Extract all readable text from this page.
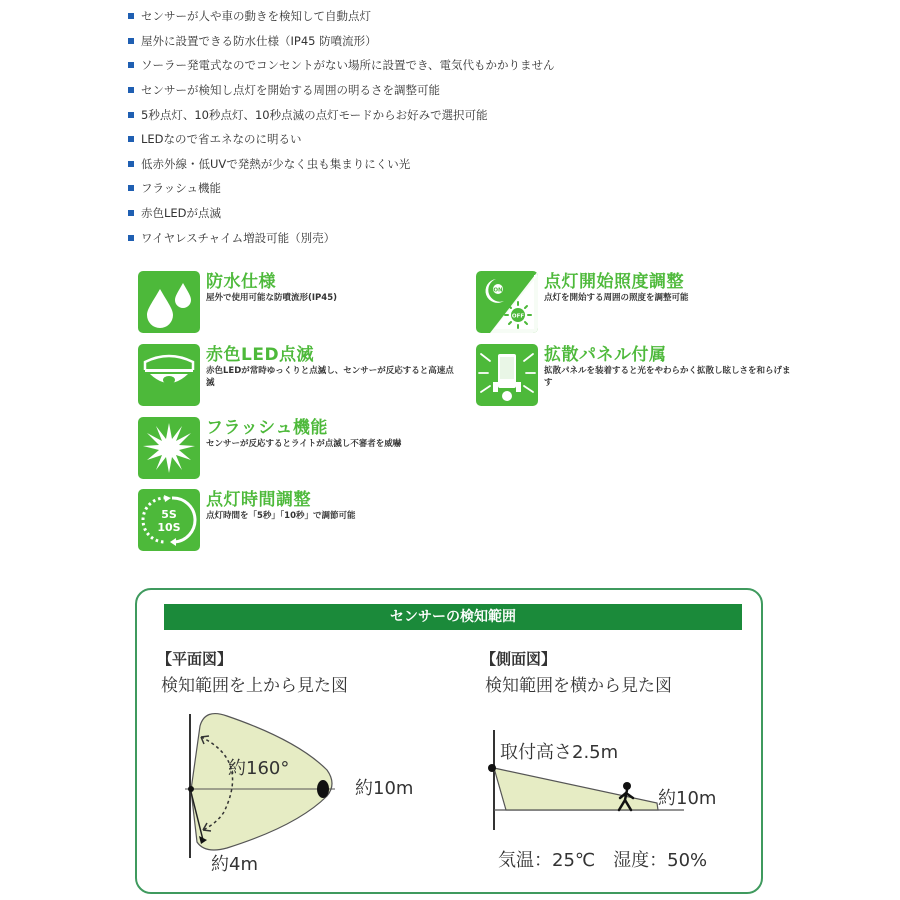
センサーが人や車の動きを検知して自動点灯
屋外に設置できる防水仕様（IP45 防噴流形）
ソーラー発電式なのでコンセントがない場所に設置でき、電気代もかかりません
センサーが検知し点灯を開始する周囲の明るさを調整可能
5秒点灯、10秒点灯、10秒点滅の点灯モードからお好みで選択可能
LEDなので省エネなのに明るい
低赤外線・低UVで発熱が少なく虫も集まりにくい光
フラッシュ機能
赤色LEDが点滅
ワイヤレスチャイム増設可能（別売）
防水仕様
屋外で使用可能な防噴流形(IP45)
ON
OFF
点灯開始照度調整
点灯を開始する周囲の照度を調整可能
赤色LED点滅
赤色LEDが常時ゆっくりと点滅し、センサーが反応すると高速点滅
拡散パネル付属
拡散パネルを装着すると光をやわらかく拡散し眩しさを和らげます
フラッシュ機能
センサーが反応するとライトが点滅し不審者を威嚇
5S
10S
点灯時間調整
点灯時間を「5秒」「10秒」で調節可能
センサーの検知範囲
【平面図】
検知範囲を上から見た図
【側面図】
検知範囲を横から見た図
約160°
約10m
約4m
取付高さ2.5m
約10m
気温：25℃　湿度：50%
